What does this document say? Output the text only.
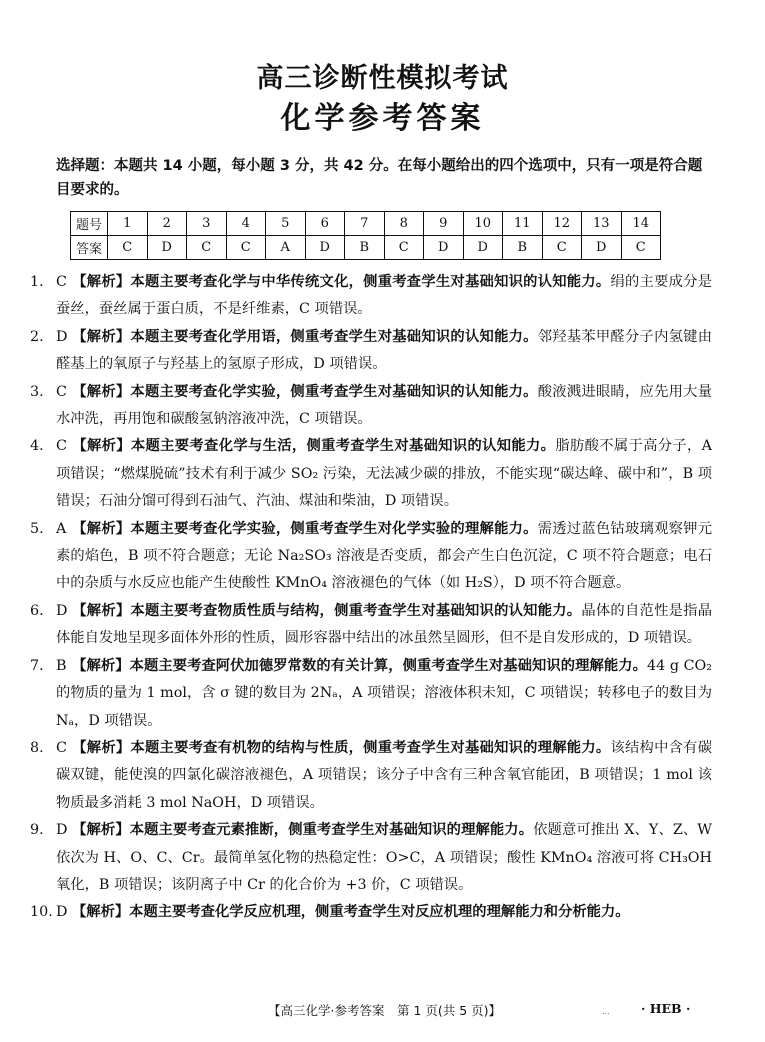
高三诊断性模拟考试
化学参考答案
选择题：本题共 14 小题，每小题 3 分，共 42 分。在每小题给出的四个选项中，只有一项是符合题目要求的。
题号	1	2	3	4	5	6	7	8	9	10	11	12	13	14
答案	C	D	C	C	A	D	B	C	D	D	B	C	D	C
1. C 【解析】本题主要考查化学与中华传统文化，侧重考查学生对基础知识的认知能力。绢的主要成分是蚕丝，蚕丝属于蛋白质，不是纤维素，C 项错误。
2. D 【解析】本题主要考查化学用语，侧重考查学生对基础知识的认知能力。邻羟基苯甲醛分子内氢键由醛基上的氧原子与羟基上的氢原子形成，D 项错误。
3. C 【解析】本题主要考查化学实验，侧重考查学生对基础知识的认知能力。酸液溅进眼睛，应先用大量水冲洗，再用饱和碳酸氢钠溶液冲洗，C 项错误。
4. C 【解析】本题主要考查化学与生活，侧重考查学生对基础知识的认知能力。脂肪酸不属于高分子，A 项错误；“燃煤脱硫”技术有利于减少 SO₂ 污染，无法减少碳的排放，不能实现“碳达峰、碳中和”，B 项错误；石油分馏可得到石油气、汽油、煤油和柴油，D 项错误。
5. A 【解析】本题主要考查化学实验，侧重考查学生对化学实验的理解能力。需透过蓝色钴玻璃观察钾元素的焰色，B 项不符合题意；无论 Na₂SO₃ 溶液是否变质，都会产生白色沉淀，C 项不符合题意；电石中的杂质与水反应也能产生使酸性 KMnO₄ 溶液褪色的气体（如 H₂S），D 项不符合题意。
6. D 【解析】本题主要考查物质性质与结构，侧重考查学生对基础知识的认知能力。晶体的自范性是指晶体能自发地呈现多面体外形的性质，圆形容器中结出的冰虽然呈圆形，但不是自发形成的，D 项错误。
7. B 【解析】本题主要考查阿伏加德罗常数的有关计算，侧重考查学生对基础知识的理解能力。44 g CO₂ 的物质的量为 1 mol，含 σ 键的数目为 2Nₐ，A 项错误；溶液体积未知，C 项错误；转移电子的数目为 Nₐ，D 项错误。
8. C 【解析】本题主要考查有机物的结构与性质，侧重考查学生对基础知识的理解能力。该结构中含有碳碳双键，能使溴的四氯化碳溶液褪色，A 项错误；该分子中含有三种含氧官能团，B 项错误；1 mol 该物质最多消耗 3 mol NaOH，D 项错误。
9. D 【解析】本题主要考查元素推断，侧重考查学生对基础知识的理解能力。依题意可推出 X、Y、Z、W 依次为 H、O、C、Cr。最简单氢化物的热稳定性：O>C，A 项错误；酸性 KMnO₄ 溶液可将 CH₃OH 氧化，B 项错误；该阴离子中 Cr 的化合价为 +3 价，C 项错误。
10. D 【解析】本题主要考查化学反应机理，侧重考查学生对反应机理的理解能力和分析能力。
【高三化学·参考答案　第 1 页(共 5 页)】	...	· HEB ·
